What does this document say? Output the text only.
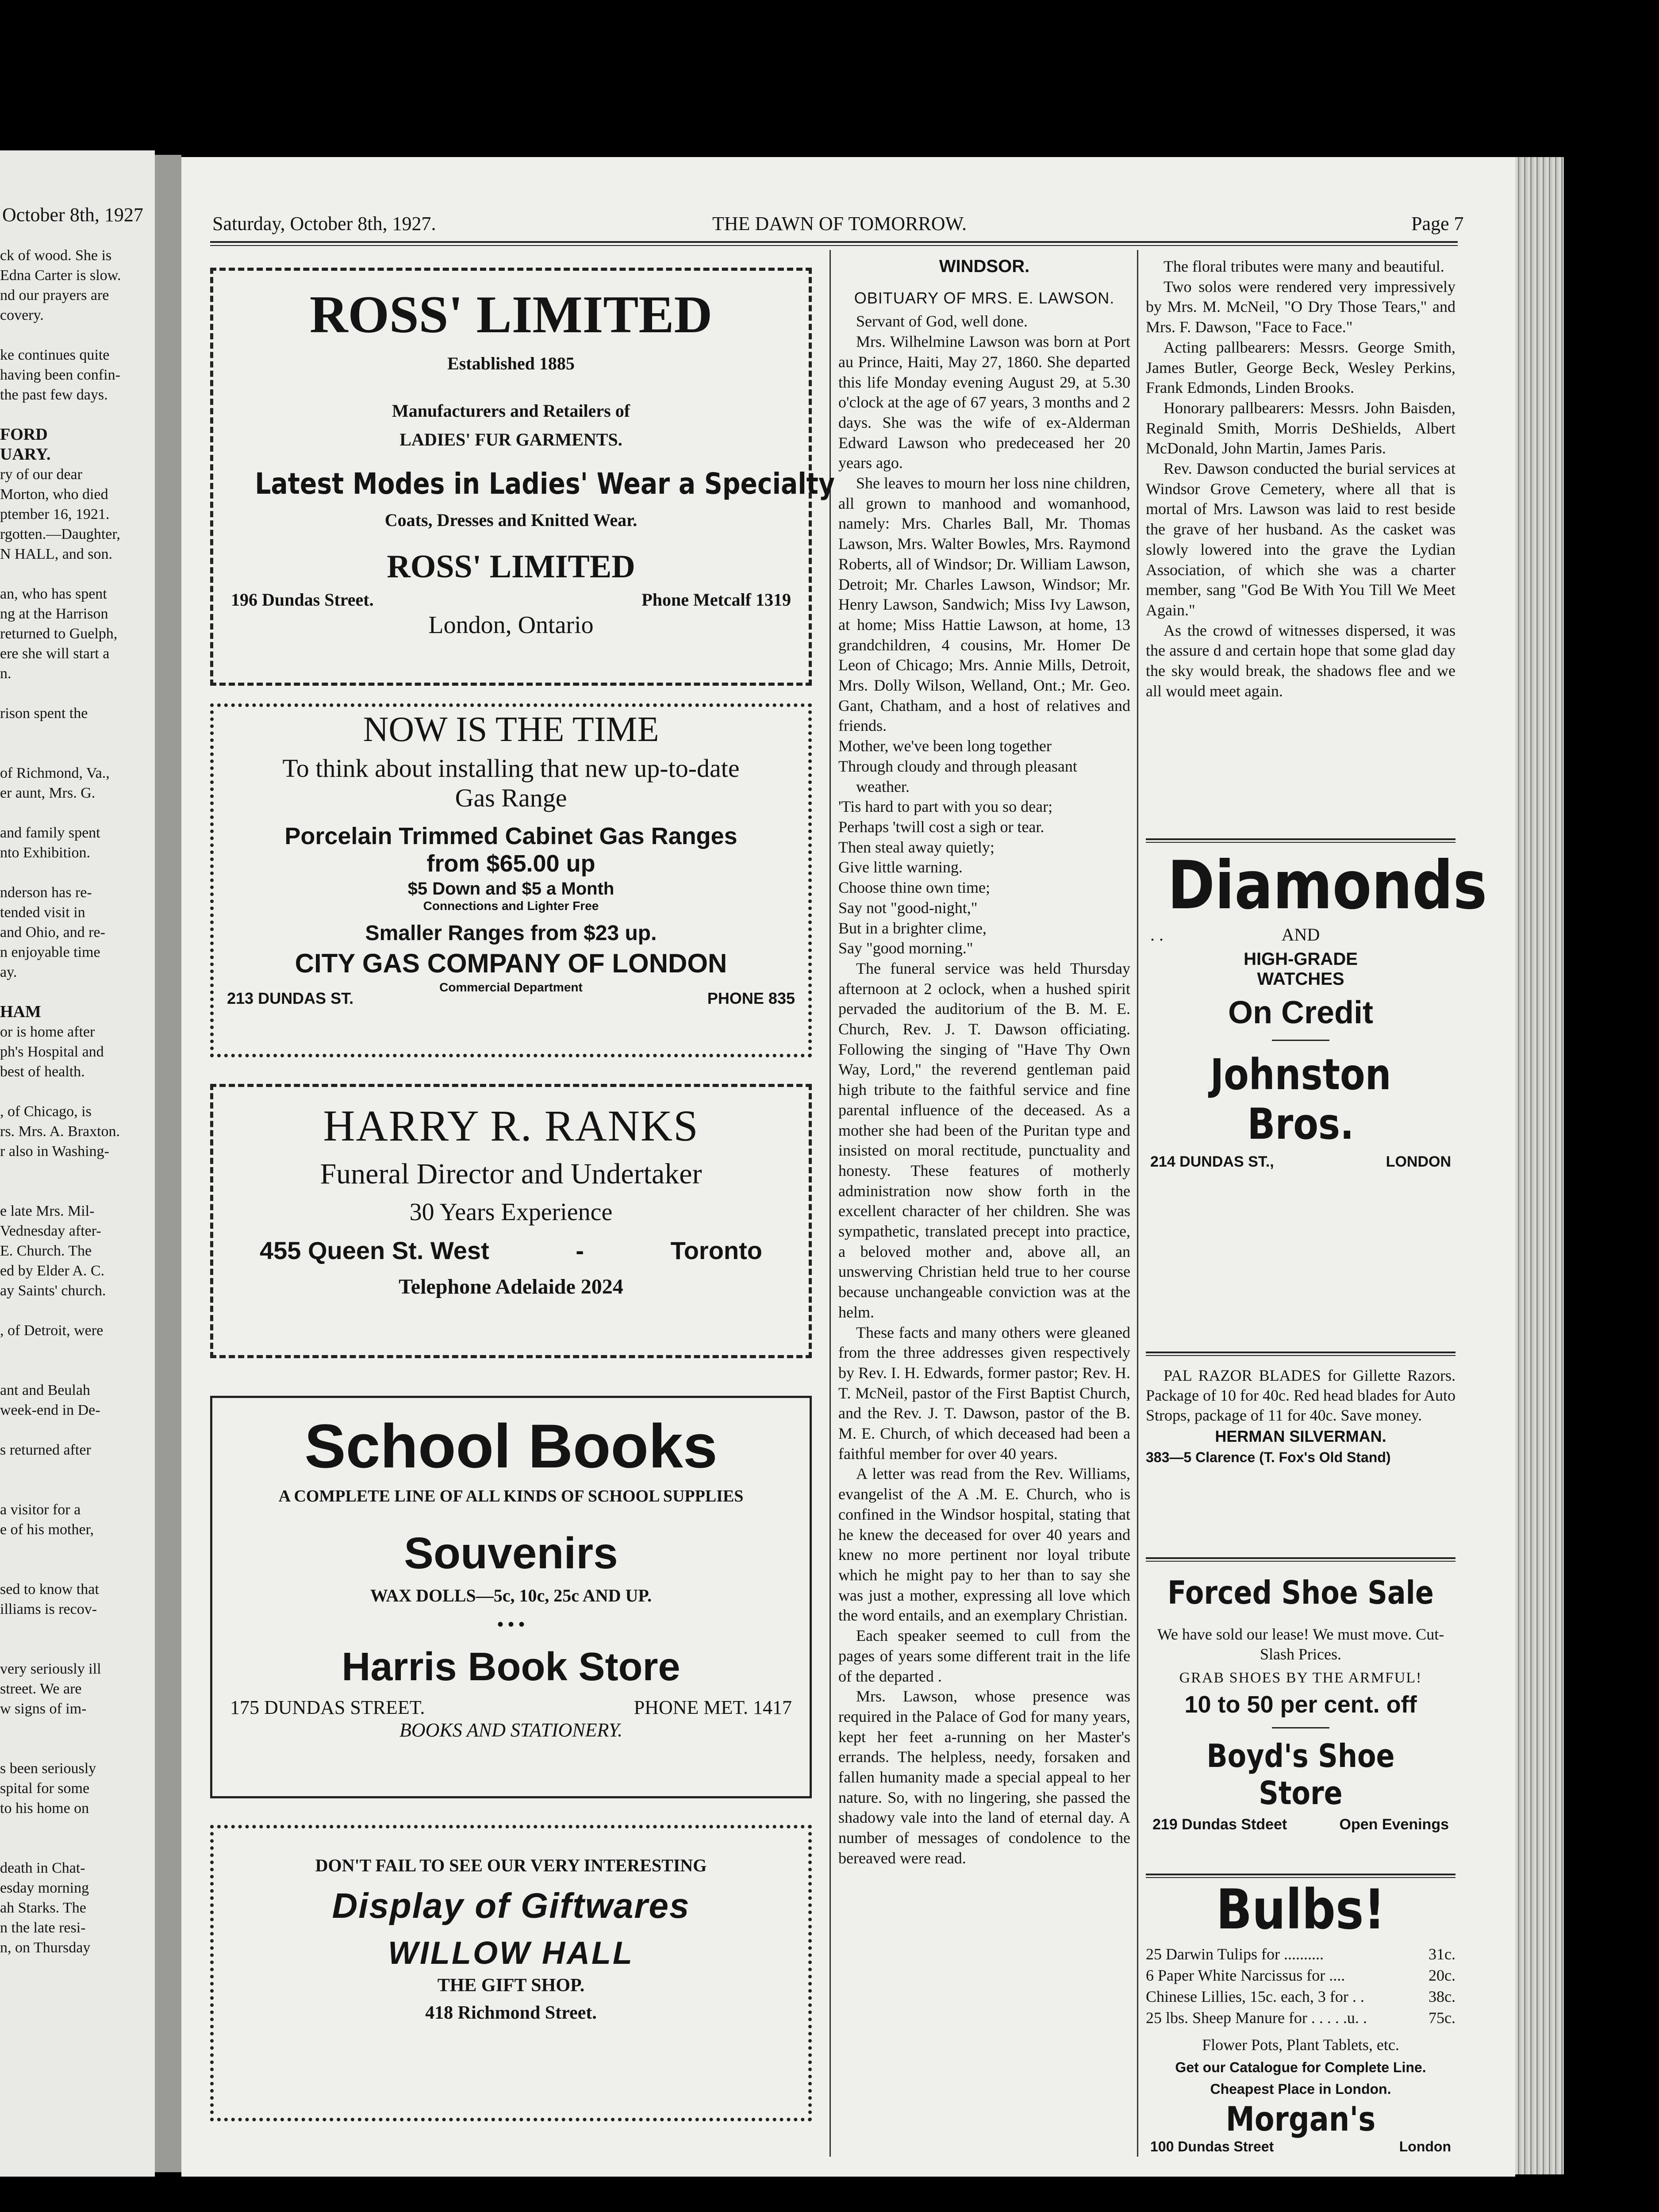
October 8th, 1927
ck of wood. She is
Edna Carter is slow.
nd our prayers are
covery.

ke continues quite
having been confin-
the past few days.

FORD
UARY.
ry of our dear
Morton, who died
ptember 16, 1921.
rgotten.—Daughter,
N HALL, and son.

an, who has spent
ng at the Harrison
returned to Guelph,
ere she will start a
n.

rison spent the

of Richmond, Va.,
er aunt, Mrs. G.

and family spent
nto Exhibition.

nderson has re-
tended visit in
and Ohio, and re-
n enjoyable time
ay.

HAM
or is home after
ph's Hospital and
best of health.

, of Chicago, is
rs. Mrs. A. Braxton.
r also in Washing-

e late Mrs. Mil-
Vednesday after-
E. Church. The
ed by Elder A. C.
ay Saints' church.

, of Detroit, were

ant and Beulah
week-end in De-

s returned after

a visitor for a
e of his mother,

sed to know that
illiams is recov-

very seriously ill
street. We are
w signs of im-

s been seriously
spital for some
to his home on

death in Chat-
esday morning
ah Starks. The
n the late resi-
n, on Thursday
Saturday, October 8th, 1927.	THE DAWN OF TOMORROW.	Page 7
ROSS' LIMITED
Established 1885
Manufacturers and Retailers of
LADIES' FUR GARMENTS.
Latest Modes in Ladies' Wear a Specialty
Coats, Dresses and Knitted Wear.
ROSS' LIMITED
196 Dundas Street.	Phone Metcalf 1319
London, Ontario
NOW IS THE TIME
To think about installing that new up-to-date
Gas Range
Porcelain Trimmed Cabinet Gas Ranges
from $65.00 up
$5 Down and $5 a Month
Connections and Lighter Free
Smaller Ranges from $23 up.
CITY GAS COMPANY OF LONDON
Commercial Department
213 DUNDAS ST.	PHONE 835
HARRY R. RANKS
Funeral Director and Undertaker
30 Years Experience
455 Queen St. West	-	Toronto
Telephone Adelaide 2024
School Books
A COMPLETE LINE OF ALL KINDS OF SCHOOL SUPPLIES
Souvenirs
WAX DOLLS—5c, 10c, 25c AND UP.
• • •
Harris Book Store
175 DUNDAS STREET.	PHONE MET. 1417
BOOKS AND STATIONERY.
DON'T FAIL TO SEE OUR VERY INTERESTING
Display of Giftwares
WILLOW HALL
THE GIFT SHOP.
418 Richmond Street.

WINDSOR.

OBITUARY OF MRS. E. LAWSON.

Servant of God, well done.

Mrs. Wilhelmine Lawson was born at Port au Prince, Haiti, May 27, 1860. She departed this life Monday evening August 29, at 5.30 o'clock at the age of 67 years, 3 months and 2 days. She was the wife of ex-Alderman Edward Lawson who predeceased her 20 years ago.

She leaves to mourn her loss nine children, all grown to manhood and womanhood, namely: Mrs. Charles Ball, Mr. Thomas Lawson, Mrs. Walter Bowles, Mrs. Raymond Roberts, all of Windsor; Dr. William Lawson, Detroit; Mr. Charles Lawson, Windsor; Mr. Henry Lawson, Sandwich; Miss Ivy Lawson, at home; Miss Hattie Lawson, at home, 13 grandchildren, 4 cousins, Mr. Homer De Leon of Chicago; Mrs. Annie Mills, Detroit, Mrs. Dolly Wilson, Welland, Ont.; Mr. Geo. Gant, Chatham, and a host of relatives and friends.

Mother, we've been long together

Through cloudy and through pleasant

weather.

'Tis hard to part with you so dear;

Perhaps 'twill cost a sigh or tear.

Then steal away quietly;

Give little warning.

Choose thine own time;

Say not "good-night,"

But in a brighter clime,

Say "good morning."

The funeral service was held Thursday afternoon at 2 oclock, when a hushed spirit pervaded the auditorium of the B. M. E. Church, Rev. J. T. Dawson officiating. Following the singing of "Have Thy Own Way, Lord," the reverend gentleman paid high tribute to the faithful service and fine parental influence of the deceased. As a mother she had been of the Puritan type and insisted on moral rectitude, punctuality and honesty. These features of motherly administration now show forth in the excellent character of her children. She was sympathetic, translated precept into practice, a beloved mother and, above all, an unswerving Christian held true to her course because unchangeable conviction was at the helm.

These facts and many others were gleaned from the three addresses given respectively by Rev. I. H. Edwards, former pastor; Rev. H. T. McNeil, pastor of the First Baptist Church, and the Rev. J. T. Dawson, pastor of the B. M. E. Church, of which deceased had been a faithful member for over 40 years.

A letter was read from the Rev. Williams, evangelist of the A .M. E. Church, who is confined in the Windsor hospital, stating that he knew the deceased for over 40 years and knew no more pertinent nor loyal tribute which he might pay to her than to say she was just a mother, expressing all love which the word entails, and an exemplary Christian.

Each speaker seemed to cull from the pages of years some different trait in the life of the departed .

Mrs. Lawson, whose presence was required in the Palace of God for many years, kept her feet a-running on her Master's errands. The helpless, needy, forsaken and fallen humanity made a special appeal to her nature. So, with no lingering, she passed the shadowy vale into the land of eternal day. A number of messages of condolence to the bereaved were read.

The floral tributes were many and beautiful.

Two solos were rendered very impressively by Mrs. M. McNeil, "O Dry Those Tears," and Mrs. F. Dawson, "Face to Face."

Acting pallbearers: Messrs. George Smith, James Butler, George Beck, Wesley Perkins, Frank Edmonds, Linden Brooks.

Honorary pallbearers: Messrs. John Baisden, Reginald Smith, Morris DeShields, Albert McDonald, John Martin, James Paris.

Rev. Dawson conducted the burial services at Windsor Grove Cemetery, where all that is mortal of Mrs. Lawson was laid to rest beside the grave of her husband. As the casket was slowly lowered into the grave the Lydian Association, of which she was a charter member, sang "God Be With You Till We Meet Again."

As the crowd of witnesses dispersed, it was the assure d and certain hope that some glad day the sky would break, the shadows flee and we all would meet again.

Diamonds
. .	AND
HIGH-GRADE
WATCHES
On Credit
Johnston Bros.
214 DUNDAS ST.,	LONDON

PAL RAZOR BLADES for Gillette Razors. Package of 10 for 40c. Red head blades for Auto Strops, package of 11 for 40c. Save money.

HERMAN SILVERMAN.
383—5 Clarence (T. Fox's Old Stand)
Forced Shoe Sale
We have sold our lease! We must move. Cut-Slash Prices.
GRAB SHOES BY THE ARMFUL!
10 to 50 per cent. off
Boyd's Shoe Store
219 Dundas Stdeet	Open Evenings
Bulbs!
25 Darwin Tulips for ..........	31c.
6 Paper White Narcissus for ....	20c.
Chinese Lillies, 15c. each, 3 for . .	38c.
25 lbs. Sheep Manure for . . . . .u. .	75c.
Flower Pots, Plant Tablets, etc.
Get our Catalogue for Complete Line.
Cheapest Place in London.
Morgan's
100 Dundas Street	London
